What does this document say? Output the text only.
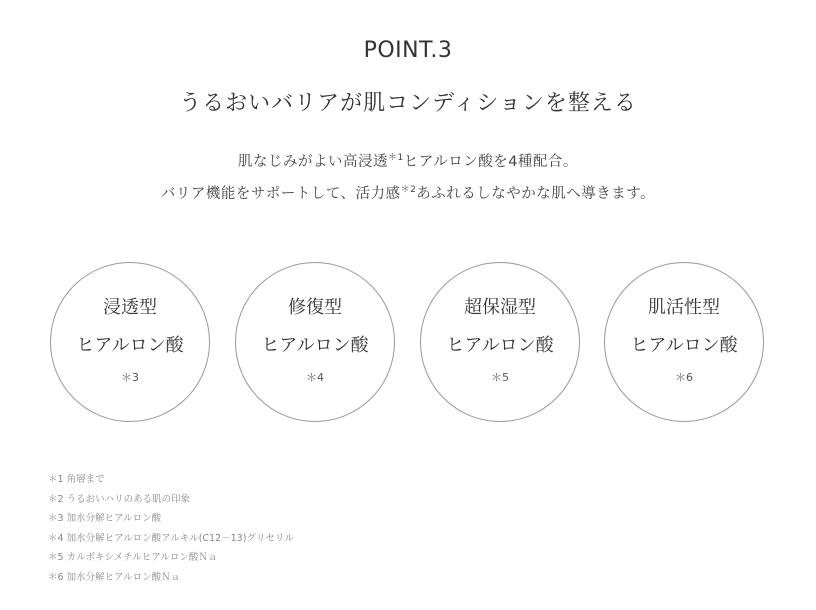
POINT.3
うるおいバリアが肌コンディションを整える
肌なじみがよい高浸透$^{*1}$ヒアルロン酸を4種配合。
バリア機能をサポートして、活力感$^{*2}$あふれるしなやかな肌へ導きます。
浸透型
ヒアルロン酸
＊3
修復型
ヒアルロン酸
＊4
超保湿型
ヒアルロン酸
＊5
肌活性型
ヒアルロン酸
＊6
＊1 角層まで
＊2 うるおいハリのある肌の印象
＊3 加水分解ヒアルロン酸
＊4 加水分解ヒアルロン酸アルキル(C12－13)グリセリル
＊5 カルボキシメチルヒアルロン酸Ｎａ
＊6 加水分解ヒアルロン酸Ｎａ
